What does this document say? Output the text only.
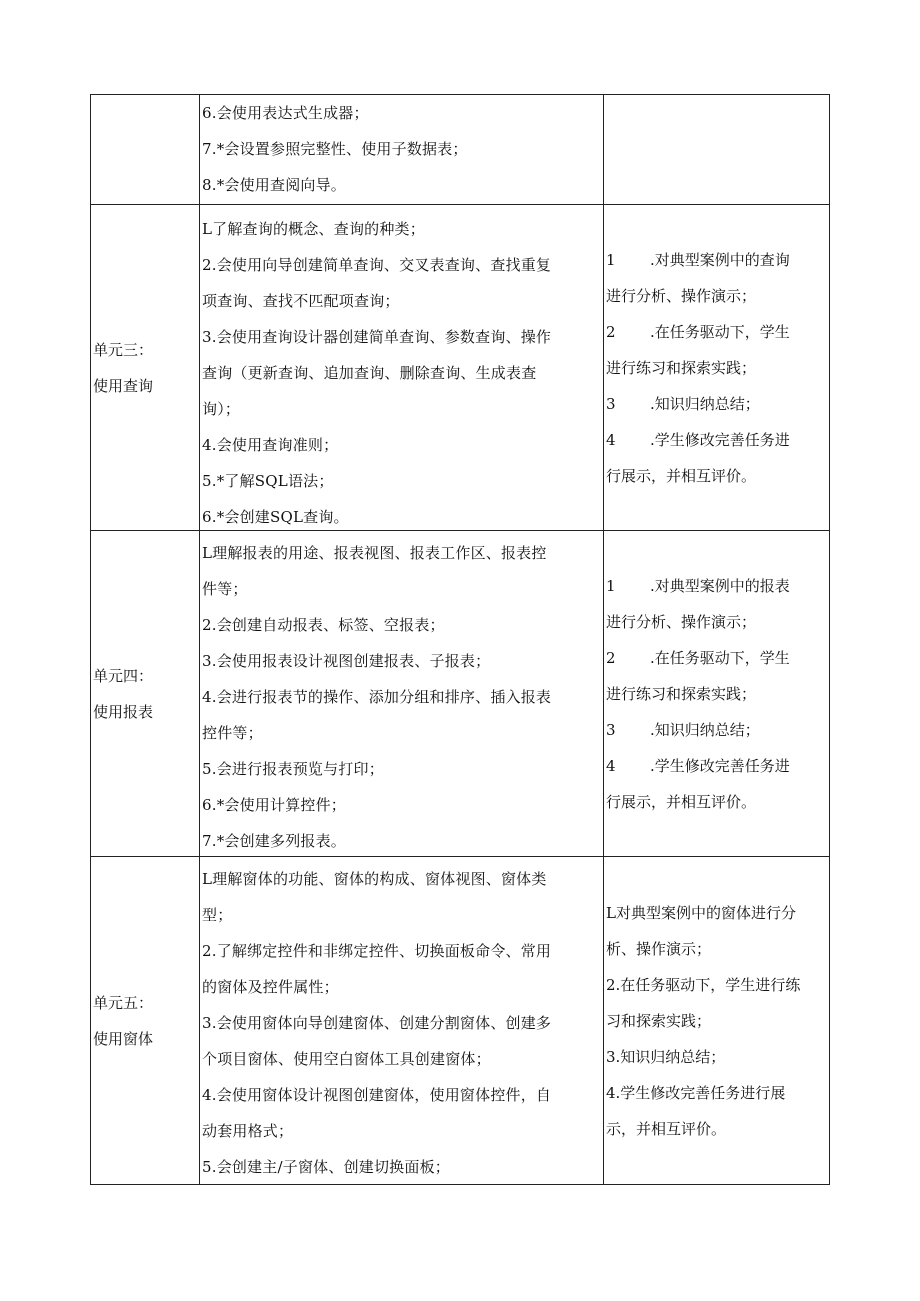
6.会使用表达式生成器；
7.*会设置参照完整性、使用子数据表；
8.*会使用查阅向导。
单元三：
使用查询
L了解查询的概念、查询的种类；
2.会使用向导创建简单查询、交叉表查询、查找重复
项查询、查找不匹配项查询；
3.会使用查询设计器创建简单查询、参数查询、操作
查询（更新查询、追加查询、删除查询、生成表查
询）；
4.会使用查询准则；
5.*了解SQL语法；
6.*会创建SQL查询。
1 .对典型案例中的查询
进行分析、操作演示；
2 .在任务驱动下，学生
进行练习和探索实践；
3 .知识归纳总结；
4 .学生修改完善任务进
行展示，并相互评价。
单元四：
使用报表
L理解报表的用途、报表视图、报表工作区、报表控
件等；
2.会创建自动报表、标签、空报表；
3.会使用报表设计视图创建报表、子报表；
4.会进行报表节的操作、添加分组和排序、插入报表
控件等；
5.会进行报表预览与打印；
6.*会使用计算控件；
7.*会创建多列报表。
1 .对典型案例中的报表
进行分析、操作演示；
2 .在任务驱动下，学生
进行练习和探索实践；
3 .知识归纳总结；
4 .学生修改完善任务进
行展示，并相互评价。
单元五：
使用窗体
L理解窗体的功能、窗体的构成、窗体视图、窗体类
型；
2.了解绑定控件和非绑定控件、切换面板命令、常用
的窗体及控件属性；
3.会使用窗体向导创建窗体、创建分割窗体、创建多
个项目窗体、使用空白窗体工具创建窗体；
4.会使用窗体设计视图创建窗体，使用窗体控件，自
动套用格式；
5.会创建主/子窗体、创建切换面板；
L对典型案例中的窗体进行分
析、操作演示；
2.在任务驱动下，学生进行练
习和探索实践；
3.知识归纳总结；
4.学生修改完善任务进行展
示，并相互评价。
